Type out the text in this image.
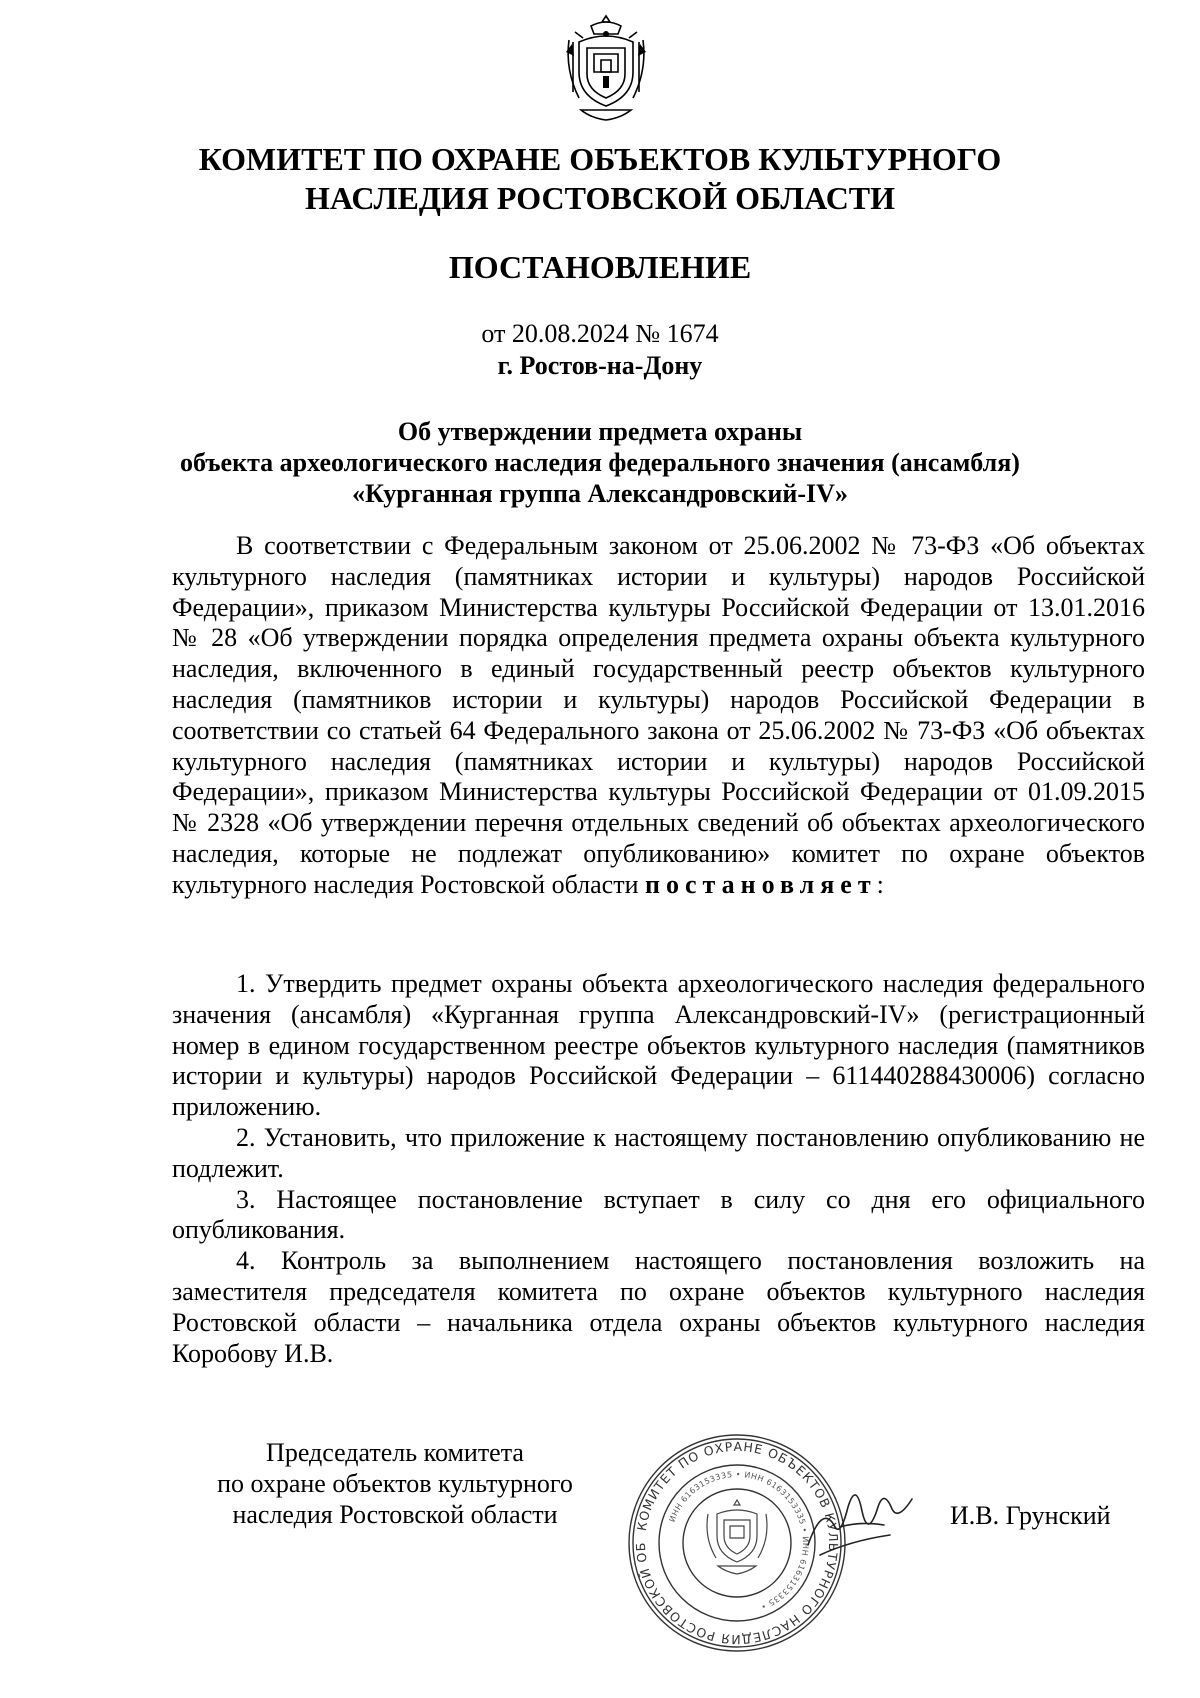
КОМИТЕТ ПО ОХРАНЕ ОБЪЕКТОВ КУЛЬТУРНОГО
НАСЛЕДИЯ РОСТОВСКОЙ ОБЛАСТИ
ПОСТАНОВЛЕНИЕ
от 20.08.2024 № 1674
г. Ростов-на-Дону
Об утверждении предмета охраны
объекта археологического наследия федерального значения (ансамбля)
«Курганная группа Александровский-IV»

В соответствии с Федеральным законом от 25.06.2002 № 73-ФЗ «Об объектах культурного наследия (памятниках истории и культуры) народов Российской Федерации», приказом Министерства культуры Российской Федерации от 13.01.2016 № 28 «Об утверждении порядка определения предмета охраны объекта культурного наследия, включенного в единый государственный реестр объектов культурного наследия (памятников истории и культуры) народов Российской Федерации в соответствии со статьей 64 Федерального закона от 25.06.2002 № 73-ФЗ «Об объектах культурного наследия (памятниках истории и культуры) народов Российской Федерации», приказом Министерства культуры Российской Федерации от 01.09.2015 № 2328 «Об утверждении перечня отдельных сведений об объектах археологического наследия, которые не подлежат опубликованию» комитет по охране объектов культурного наследия Ростовской области постановляет:

1. Утвердить предмет охраны объекта археологического наследия федерального значения (ансамбля) «Курганная группа Александровский-IV» (регистрационный номер в едином государственном реестре объектов культурного наследия (памятников истории и культуры) народов Российской Федерации – 611440288430006) согласно приложению.

2. Установить, что приложение к настоящему постановлению опубликованию не подлежит.

3. Настоящее постановление вступает в силу со дня его официального опубликования.

4. Контроль за выполнением настоящего постановления возложить на заместителя председателя комитета по охране объектов культурного наследия Ростовской области – начальника отдела охраны объектов культурного наследия Коробову И.В.

Председатель комитета
по охране объектов культурного
наследия Ростовской области	КОМИТЕТ ПО ОХРАНЕ ОБЪЕКТОВ КУЛЬТУРНОГО НАСЛЕДИЯ РОСТОВСКОЙ ОБ
ИНН 6163153335 • ИНН 6163153335 • ИНН 6163153335 •
И.В. Грунский
